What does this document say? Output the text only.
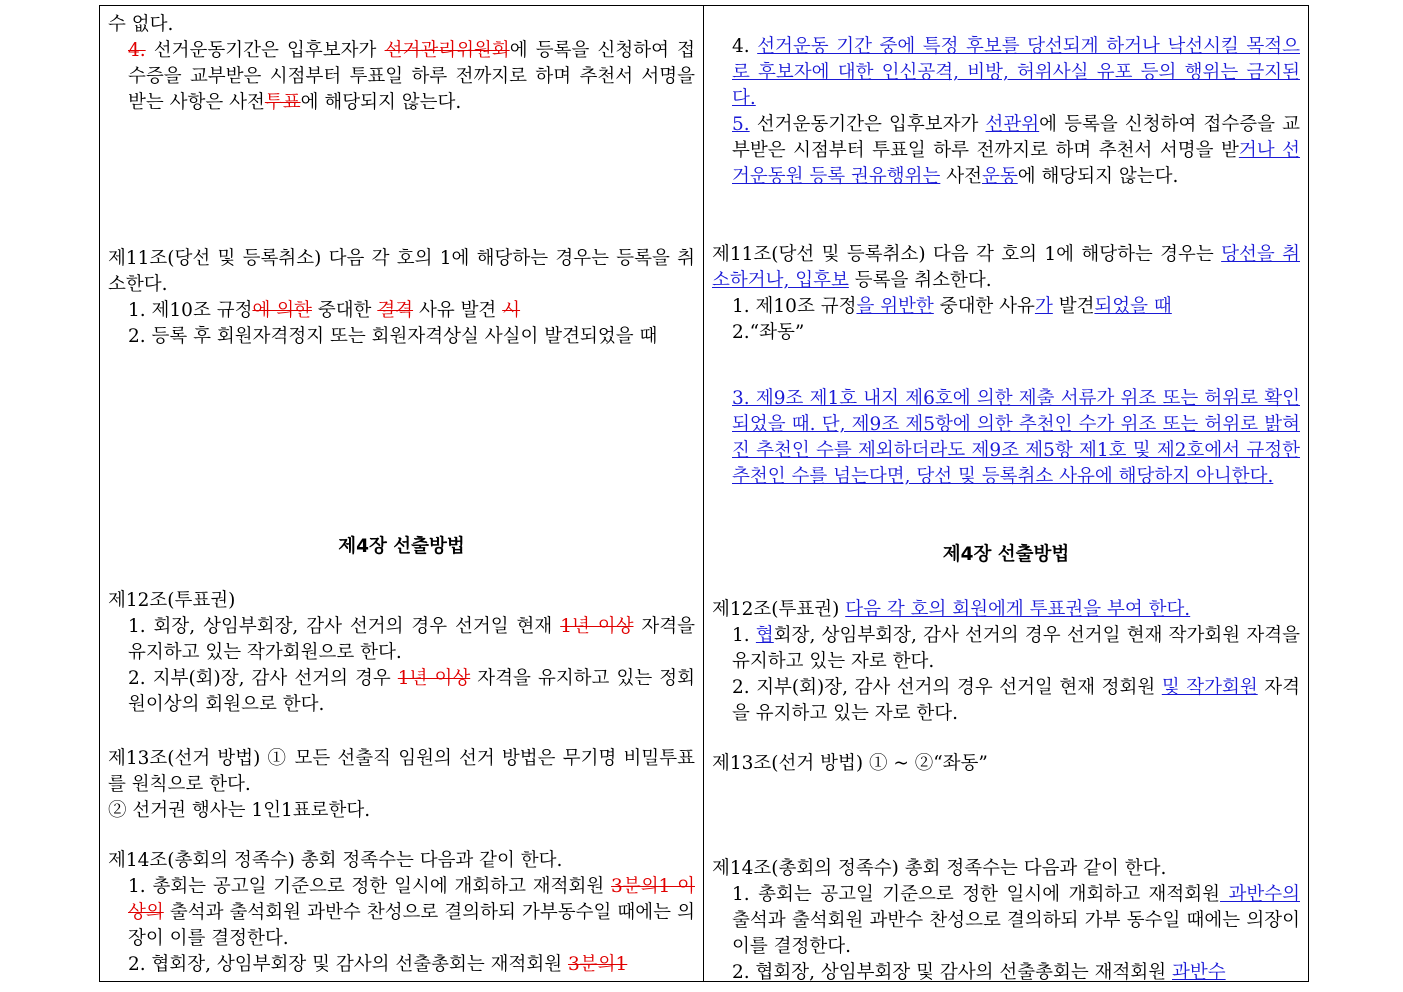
수 없다.
4. 선거운동기간은 입후보자가 선거관리위원회에 등록을 신청하여 접수증을 교부받은 시점부터 투표일 하루 전까지로 하며 추천서 서명을 받는 사항은 사전투표에 해당되지 않는다.
제11조(당선 및 등록취소) 다음 각 호의 1에 해당하는 경우는 등록을 취소한다.
1. 제10조 규정에 의한 중대한 결격 사유 발견 시
2. 등록 후 회원자격정지 또는 회원자격상실 사실이 발견되었을 때
제4장 선출방법
제12조(투표권)
1. 회장, 상임부회장, 감사 선거의 경우 선거일 현재 1년 이상 자격을 유지하고 있는 작가회원으로 한다.
2. 지부(회)장, 감사 선거의 경우 1년 이상 자격을 유지하고 있는 정회원이상의 회원으로 한다.
제13조(선거 방법) ① 모든 선출직 임원의 선거 방법은 무기명 비밀투표를 원칙으로 한다.
② 선거권 행사는 1인1표로한다.
제14조(총회의 정족수) 총회 정족수는 다음과 같이 한다.
1. 총회는 공고일 기준으로 정한 일시에 개회하고 재적회원 3분의1 이상의 출석과 출석회원 과반수 찬성으로 결의하되 가부동수일 때에는 의장이 이를 결정한다.
2. 협회장, 상임부회장 및 감사의 선출총회는 재적회원 3분의1
4. 선거운동 기간 중에 특정 후보를 당선되게 하거나 낙선시킬 목적으로 후보자에 대한 인신공격, 비방, 허위사실 유포 등의 행위는 금지된다.
5. 선거운동기간은 입후보자가 선관위에 등록을 신청하여 접수증을 교부받은 시점부터 투표일 하루 전까지로 하며 추천서 서명을 받거나 선거운동원 등록 권유행위는 사전운동에 해당되지 않는다.
제11조(당선 및 등록취소) 다음 각 호의 1에 해당하는 경우는 당선을 취소하거나, 입후보 등록을 취소한다.
1. 제10조 규정을 위반한 중대한 사유가 발견되었을 때
2.“좌동”
3. 제9조 제1호 내지 제6호에 의한 제출 서류가 위조 또는 허위로 확인되었을 때. 단, 제9조 제5항에 의한 추천인 수가 위조 또는 허위로 밝혀진 추천인 수를 제외하더라도 제9조 제5항 제1호 및 제2호에서 규정한 추천인 수를 넘는다면, 당선 및 등록취소 사유에 해당하지 아니한다.
제4장 선출방법
제12조(투표권) 다음 각 호의 회원에게 투표권을 부여 한다.
1. 협회장, 상임부회장, 감사 선거의 경우 선거일 현재 작가회원 자격을 유지하고 있는 자로 한다.
2. 지부(회)장, 감사 선거의 경우 선거일 현재 정회원 및 작가회원 자격을 유지하고 있는 자로 한다.
제13조(선거 방법) ① ~ ②“좌동”
제14조(총회의 정족수) 총회 정족수는 다음과 같이 한다.
1. 총회는 공고일 기준으로 정한 일시에 개회하고 재적회원 과반수의 출석과 출석회원 과반수 찬성으로 결의하되 가부 동수일 때에는 의장이 이를 결정한다.
2. 협회장, 상임부회장 및 감사의 선출총회는 재적회원 과반수
